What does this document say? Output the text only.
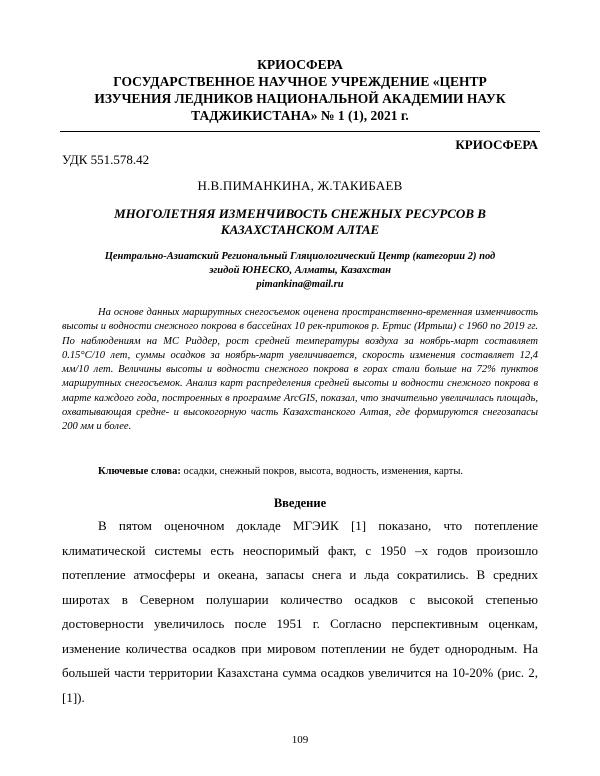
КРИОСФЕРА
ГОСУДАРСТВЕННОЕ НАУЧНОЕ УЧРЕЖДЕНИЕ «ЦЕНТР
ИЗУЧЕНИЯ ЛЕДНИКОВ НАЦИОНАЛЬНОЙ АКАДЕМИИ НАУК
ТАДЖИКИСТАНА» № 1 (1), 2021 г.
КРИОСФЕРА
УДК 551.578.42
Н.В.ПИМАНКИНА, Ж.ТАКИБАЕВ
МНОГОЛЕТНЯЯ ИЗМЕНЧИВОСТЬ СНЕЖНЫХ РЕСУРСОВ В
КАЗАХСТАНСКОМ АЛТАЕ
Центрально-Азиатский Региональный Гляциологический Центр (категории 2) под
эгидой ЮНЕСКО, Алматы, Казахстан
pimankina@mail.ru

На основе данных маршрутных снегосъемок оценена пространственно-временная изменчивость высоты и водности снежного покрова в бассейнах 10 рек-притоков р. Ертис (Иртыш) с 1960 по 2019 гг. По наблюдениям на МС Риддер, рост средней температуры воздуха за ноябрь-март составляет 0.15°С/10 лет, суммы осадков за ноябрь-март увеличивается, скорость изменения составляет 12,4 мм/10 лет. Величины высоты и водности снежного покрова в горах стали больше на 72% пунктов маршрутных снегосъемок. Анализ карт распределения средней высоты и водности снежного покрова в марте каждого года, построенных в программе ArcGIS, показал, что значительно увеличилась площадь, охватывающая средне- и высокогорную часть Казахстанского Алтая, где формируются снегозапасы 200 мм и более.

Ключевые слова: осадки, снежный покров, высота, водность, изменения, карты.

Введение

В пятом оценочном докладе МГЭИК [1] показано, что потепление климатической системы есть неоспоримый факт, с 1950 –х годов произошло потепление атмосферы и океана, запасы снега и льда сократились. В средних широтах в Северном полушарии количество осадков с высокой степенью достоверности увеличилось после 1951 г. Согласно перспективным оценкам, изменение количества осадков при мировом потеплении не будет однородным. На большей части территории Казахстана сумма осадков увеличится на 10-20% (рис. 2, [1]).

109
